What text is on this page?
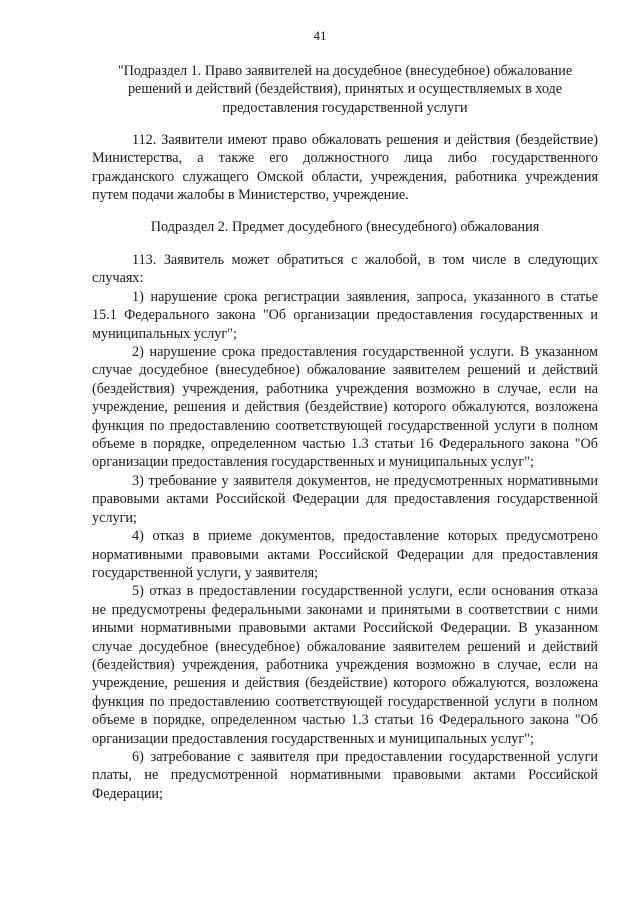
41
"Подраздел 1. Право заявителей на досудебное (внесудебное) обжалование решений и действий (бездействия), принятых и осуществляемых в ходе предоставления государственной услуги

112. Заявители имеют право обжаловать решения и действия (бездействие) Министерства, а также его должностного лица либо государственного гражданского служащего Омской области, учреждения, работника учреждения путем подачи жалобы в Министерство, учреждение.

Подраздел 2. Предмет досудебного (внесудебного) обжалования

113. Заявитель может обратиться с жалобой, в том числе в следующих случаях:

1) нарушение срока регистрации заявления, запроса, указанного в статье 15.1 Федерального закона "Об организации предоставления государственных и муниципальных услуг";

2) нарушение срока предоставления государственной услуги. В указанном случае досудебное (внесудебное) обжалование заявителем решений и действий (бездействия) учреждения, работника учреждения возможно в случае, если на учреждение, решения и действия (бездействие) которого обжалуются, возложена функция по предоставлению соответствующей государственной услуги в полном объеме в порядке, определенном частью 1.3 статьи 16 Федерального закона "Об организации предоставления государственных и муниципальных услуг";

3) требование у заявителя документов, не предусмотренных нормативными правовыми актами Российской Федерации для предоставления государственной услуги;

4) отказ в приеме документов, предоставление которых предусмотрено нормативными правовыми актами Российской Федерации для предоставления государственной услуги, у заявителя;

5) отказ в предоставлении государственной услуги, если основания отказа не предусмотрены федеральными законами и принятыми в соответствии с ними иными нормативными правовыми актами Российской Федерации. В указанном случае досудебное (внесудебное) обжалование заявителем решений и действий (бездействия) учреждения, работника учреждения возможно в случае, если на учреждение, решения и действия (бездействие) которого обжалуются, возложена функция по предоставлению соответствующей государственной услуги в полном объеме в порядке, определенном частью 1.3 статьи 16 Федерального закона "Об организации предоставления государственных и муниципальных услуг";

6) затребование с заявителя при предоставлении государственной услуги платы, не предусмотренной нормативными правовыми актами Российской Федерации;
